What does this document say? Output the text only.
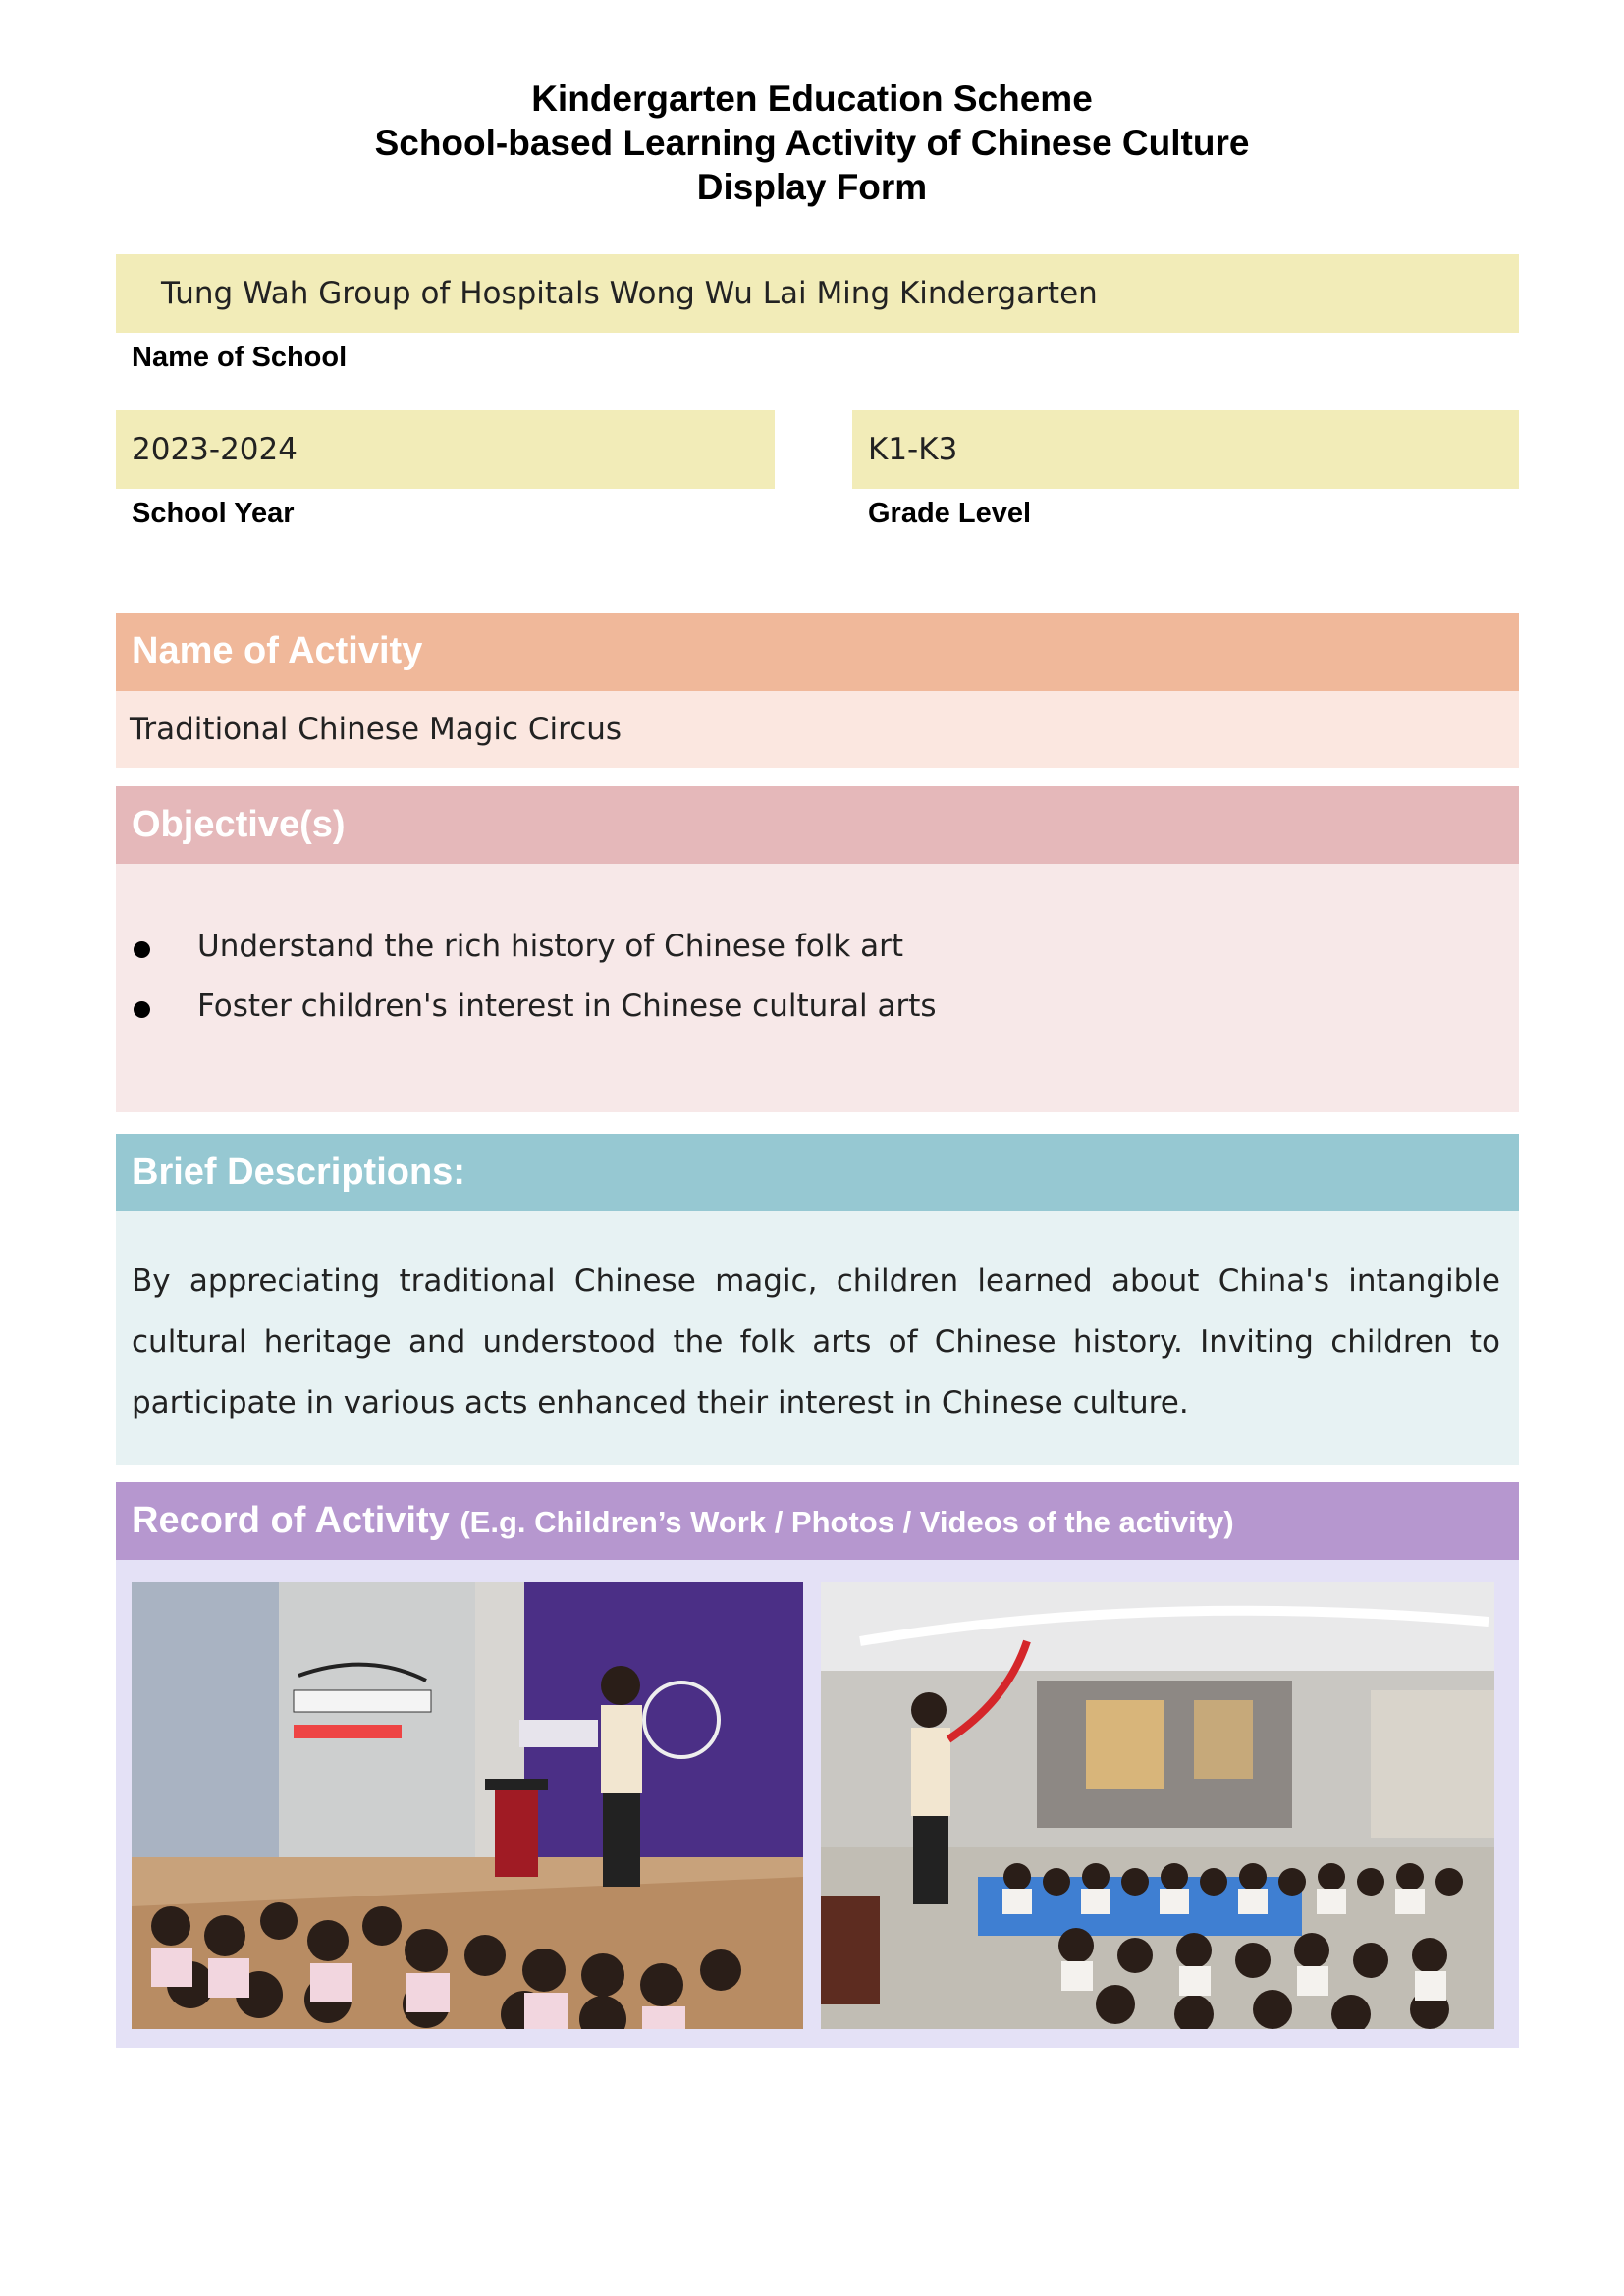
Kindergarten Education Scheme
School-based Learning Activity of Chinese Culture
Display Form
Tung Wah Group of Hospitals Wong Wu Lai Ming Kindergarten
Name of School
2023-2024
School Year
K1-K3
Grade Level
Name of Activity
Traditional Chinese Magic Circus
Objective(s)
Understand the rich history of Chinese folk art
Foster children's interest in Chinese cultural arts
Brief Descriptions:
By appreciating traditional Chinese magic, children learned about China's intangible cultural heritage and understood the folk arts of Chinese history. Inviting children to participate in various acts enhanced their interest in Chinese culture.
Record of Activity (E.g. Children’s Work / Photos / Videos of the activity)
